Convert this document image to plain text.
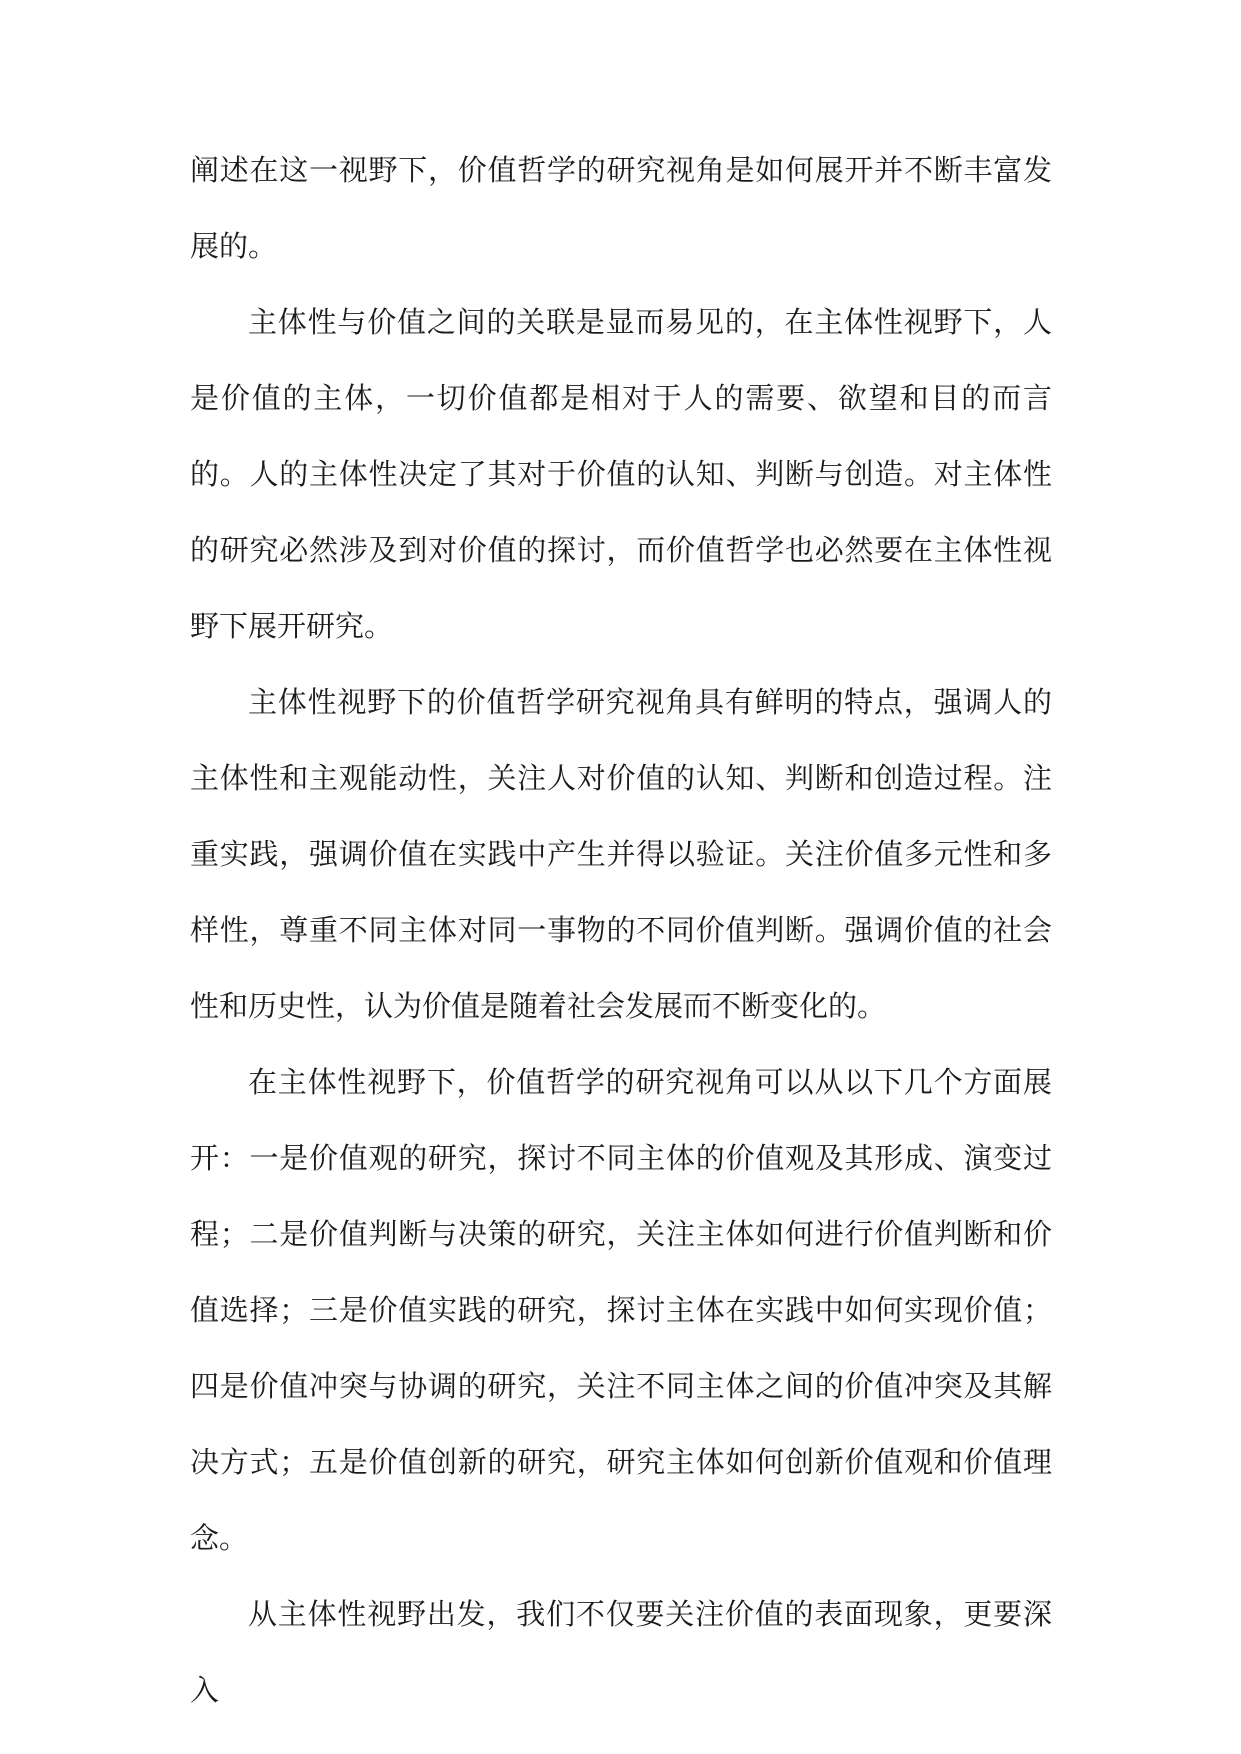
阐述在这一视野下，价值哲学的研究视角是如何展开并不断丰富发展的。

主体性与价值之间的关联是显而易见的，在主体性视野下，人是价值的主体，一切价值都是相对于人的需要、欲望和目的而言的。人的主体性决定了其对于价值的认知、判断与创造。对主体性的研究必然涉及到对价值的探讨，而价值哲学也必然要在主体性视野下展开研究。

主体性视野下的价值哲学研究视角具有鲜明的特点，强调人的主体性和主观能动性，关注人对价值的认知、判断和创造过程。注重实践，强调价值在实践中产生并得以验证。关注价值多元性和多样性，尊重不同主体对同一事物的不同价值判断。强调价值的社会性和历史性，认为价值是随着社会发展而不断变化的。

在主体性视野下，价值哲学的研究视角可以从以下几个方面展开：一是价值观的研究，探讨不同主体的价值观及其形成、演变过程；二是价值判断与决策的研究，关注主体如何进行价值判断和价值选择；三是价值实践的研究，探讨主体在实践中如何实现价值；四是价值冲突与协调的研究，关注不同主体之间的价值冲突及其解决方式；五是价值创新的研究，研究主体如何创新价值观和价值理念。

从主体性视野出发，我们不仅要关注价值的表面现象，更要深入
